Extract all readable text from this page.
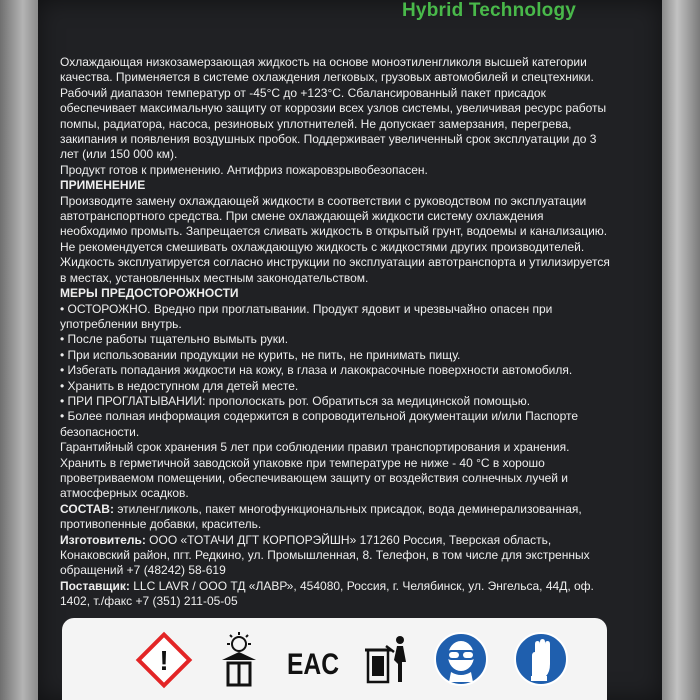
Hybrid Technology

Охлаждающая низкозамерзающая жидкость на основе моноэтиленгликоля высшей категории качества. Применяется в системе охлаждения легковых, грузовых автомобилей и спецтехники. Рабочий диапазон температур от -45°C до +123°C. Сбалансированный пакет присадок обеспечивает максимальную защиту от коррозии всех узлов системы, увеличивая ресурс работы помпы, радиатора, насоса, резиновых уплотнителей. Не допускает замерзания, перегрева, закипания и появления воздушных пробок. Поддерживает увеличенный срок эксплуатации до 3 лет (или 150 000 км).

Продукт готов к применению. Антифриз пожаровзрывобезопасен.

ПРИМЕНЕНИЕ

Производите замену охлаждающей жидкости в соответствии с руководством по эксплуатации автотранспортного средства. При смене охлаждающей жидкости систему охлаждения необходимо промыть. Запрещается сливать жидкость в открытый грунт, водоемы и канализацию. Не рекомендуется смешивать охлаждающую жидкость с жидкостями других производителей.

Жидкость эксплуатируется согласно инструкции по эксплуатации автотранспорта и утилизируется в местах, установленных местным законодательством.

МЕРЫ ПРЕДОСТОРОЖНОСТИ

• ОСТОРОЖНО. Вредно при проглатывании. Продукт ядовит и чрезвычайно опасен при употреблении внутрь.
• После работы тщательно вымыть руки.
• При использовании продукции не курить, не пить, не принимать пищу.
• Избегать попадания жидкости на кожу, в глаза и лакокрасочные поверхности автомобиля.
• Хранить в недоступном для детей месте.
• ПРИ ПРОГЛАТЫВАНИИ: прополоскать рот. Обратиться за медицинской помощью.
• Более полная информация содержится в сопроводительной документации и/или Паспорте безопасности.

Гарантийный срок хранения 5 лет при соблюдении правил транспортирования и хранения.

Хранить в герметичной заводской упаковке при температуре не ниже - 40 °С в хорошо проветриваемом помещении, обеспечивающем защиту от воздействия солнечных лучей и атмосферных осадков.

СОСТАВ: этиленгликоль, пакет многофункциональных присадок, вода деминерализованная, противопенные добавки, краситель.

Изготовитель: ООО «ТОТАЧИ ДГТ КОРПОРЭЙШН» 171260 Россия, Тверская область, Конаковский район, пгт. Редкино, ул. Промышленная, 8. Телефон, в том числе для экстренных обращений +7 (48242) 58-619

Поставщик: LLC LAVR / ООО ТД «ЛАВР», 454080, Россия, г. Челябинск, ул. Энгельса, 44Д, оф. 1402, т./факс +7 (351) 211-05-05

!	EAC
